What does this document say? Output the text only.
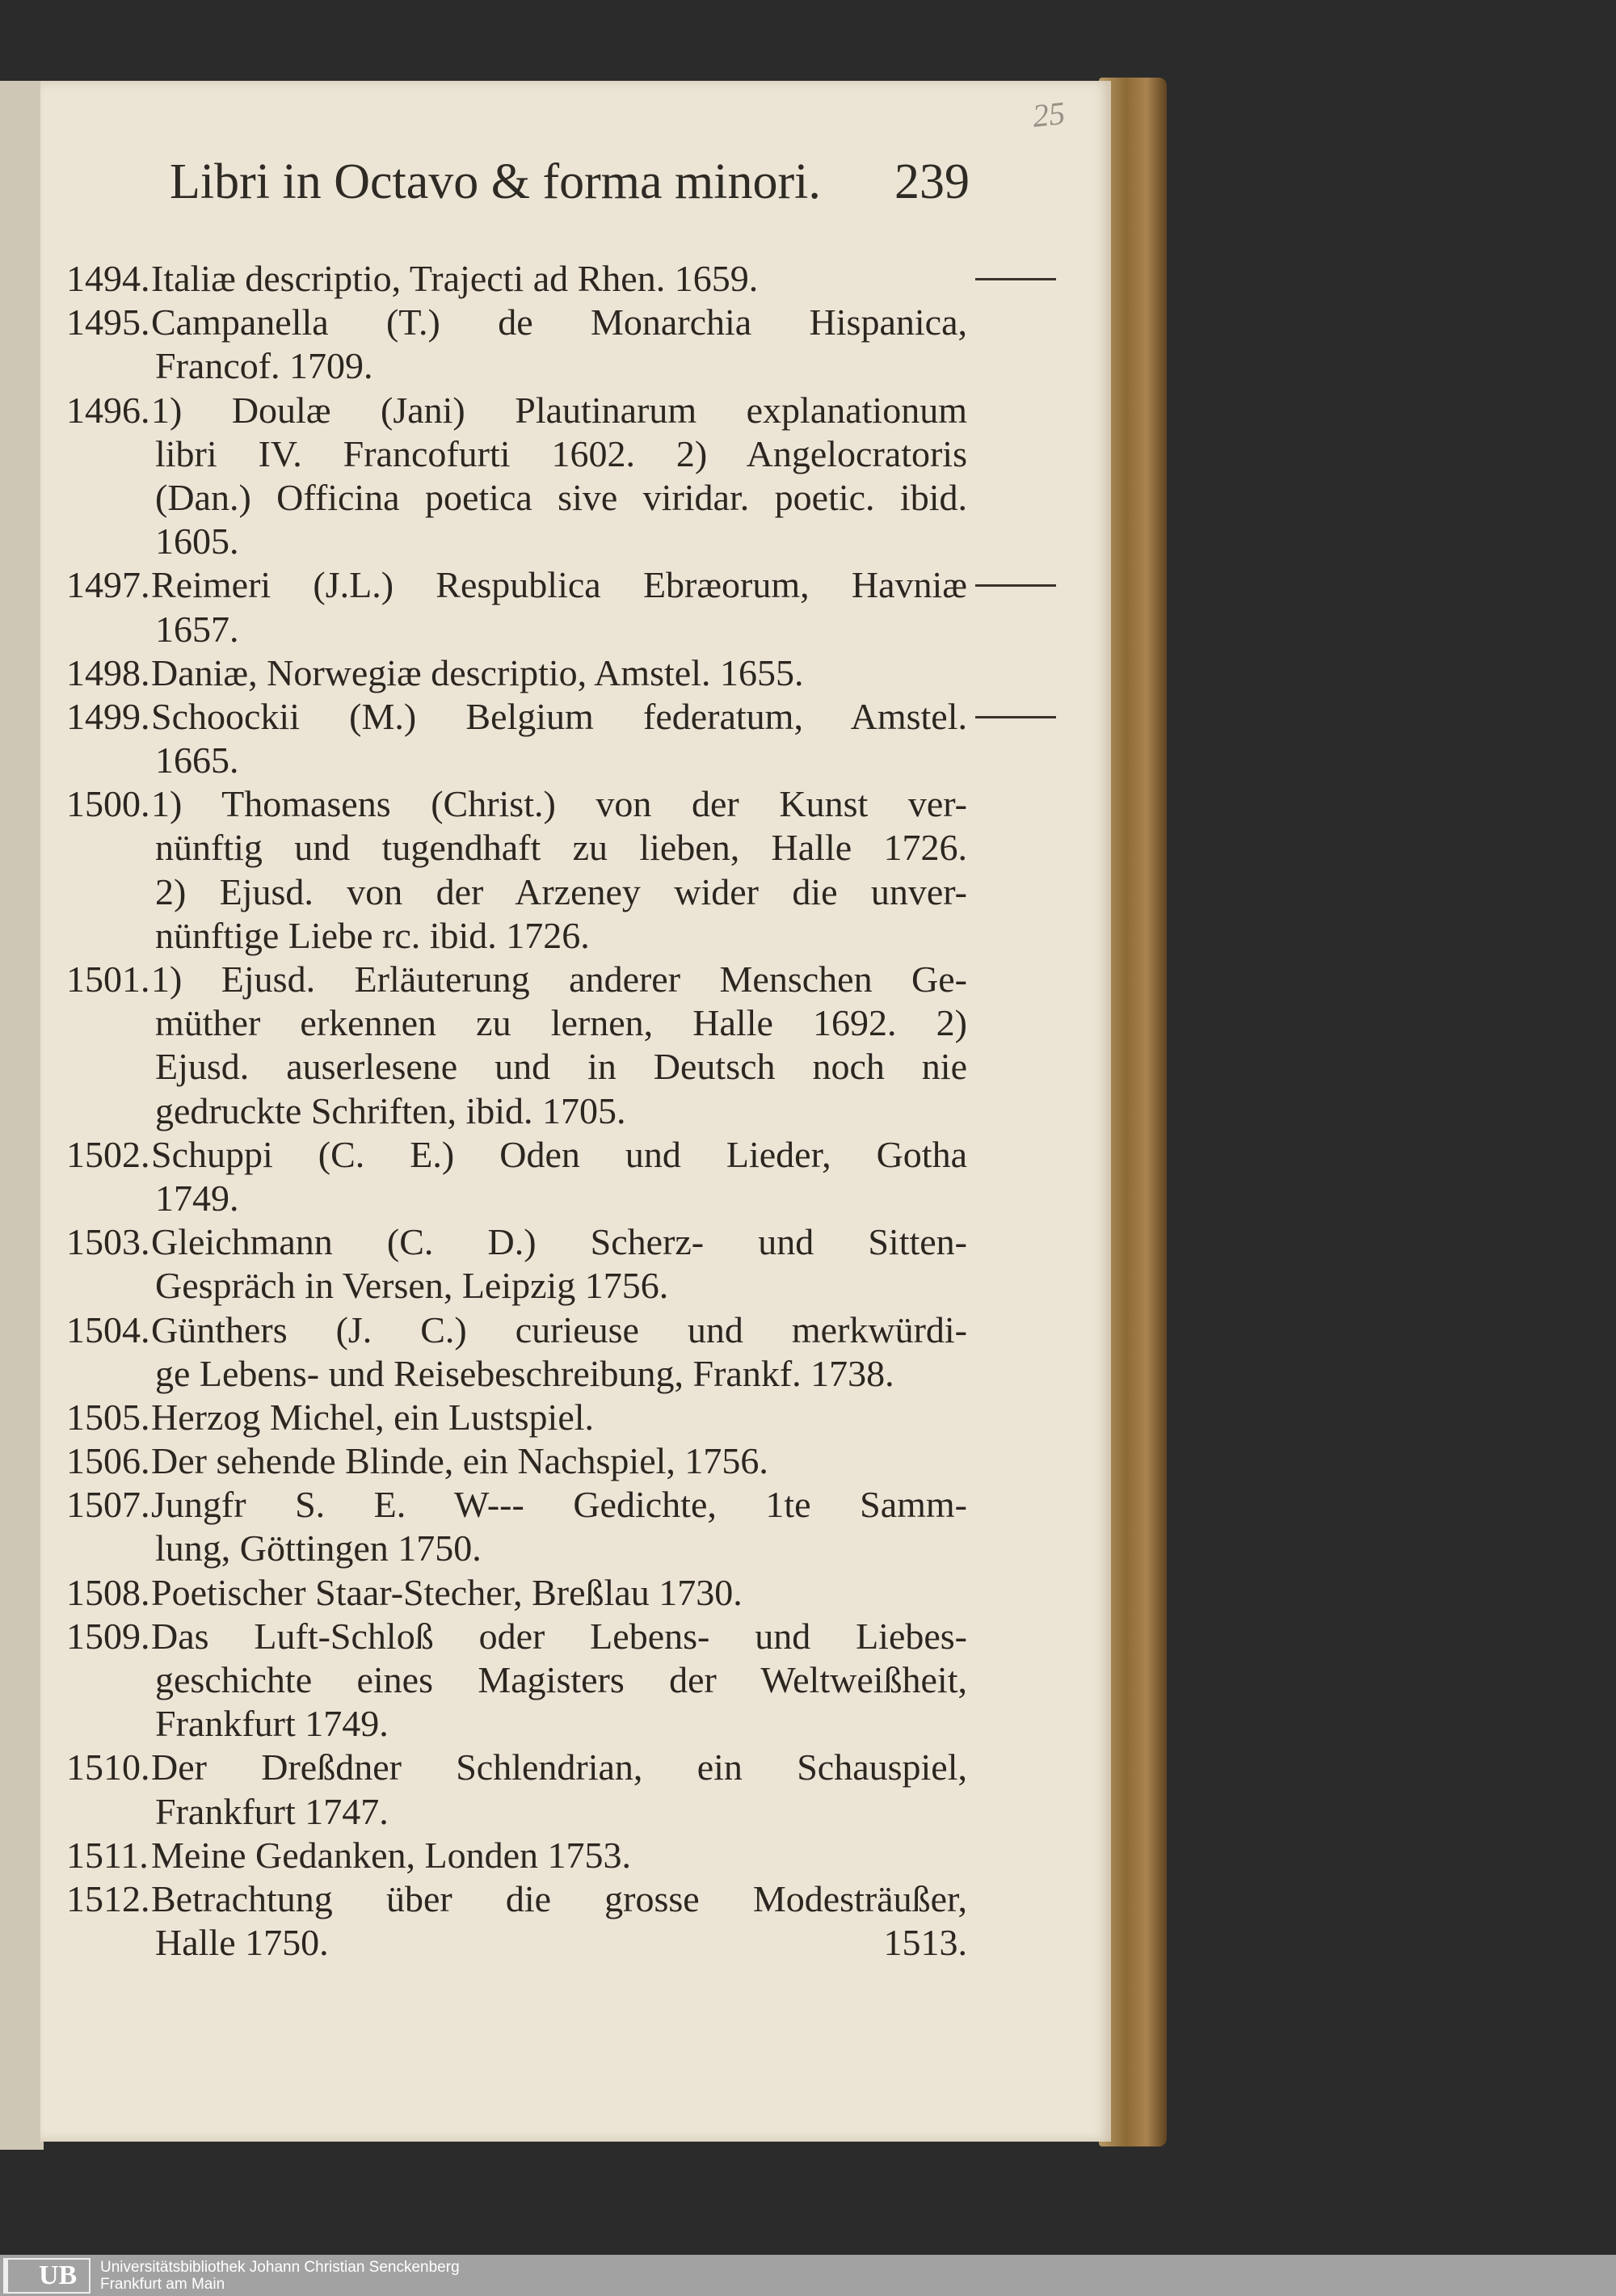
25
Libri in Octavo & forma minori. 239
1494.Italiæ descriptio, Trajecti ad Rhen. 1659.
1495.Campanella (T.) de Monarchia Hispanica,
Francof. 1709.
1496.1) Doulæ (Jani) Plautinarum explanationum
libri IV. Francofurti 1602. 2) Angelocratoris
(Dan.) Officina poetica sive viridar. poetic. ibid.
1605.
1497.Reimeri (J.L.) Respublica Ebræorum, Havniæ
1657.
1498.Daniæ, Norwegiæ descriptio, Amstel. 1655.
1499.Schoockii (M.) Belgium federatum, Amstel.
1665.
1500.1) Thomasens (Christ.) von der Kunst ver-
nünftig und tugendhaft zu lieben, Halle 1726.
2) Ejusd. von der Arzeney wider die unver-
nünftige Liebe rc. ibid. 1726.
1501.1) Ejusd. Erläuterung anderer Menschen Ge-
müther erkennen zu lernen, Halle 1692. 2)
Ejusd. auserlesene und in Deutsch noch nie
gedruckte Schriften, ibid. 1705.
1502.Schuppi (C. E.) Oden und Lieder, Gotha
1749.
1503.Gleichmann (C. D.) Scherz- und Sitten-
Gespräch in Versen, Leipzig 1756.
1504.Günthers (J. C.) curieuse und merkwürdi-
ge Lebens- und Reisebeschreibung, Frankf. 1738.
1505.Herzog Michel, ein Lustspiel.
1506.Der sehende Blinde, ein Nachspiel, 1756.
1507.Jungfr S. E. W--- Gedichte, 1te Samm-
lung, Göttingen 1750.
1508.Poetischer Staar-Stecher, Breßlau 1730.
1509.Das Luft-Schloß oder Lebens- und Liebes-
geschichte eines Magisters der Weltweißheit,
Frankfurt 1749.
1510.Der Dreßdner Schlendrian, ein Schauspiel,
Frankfurt 1747.
1511.Meine Gedanken, Londen 1753.
1512.Betrachtung über die grosse Modesträußer,
Halle 1750.	1513.
UB Universitätsbibliothek Johann Christian Senckenberg
Frankfurt am Main
